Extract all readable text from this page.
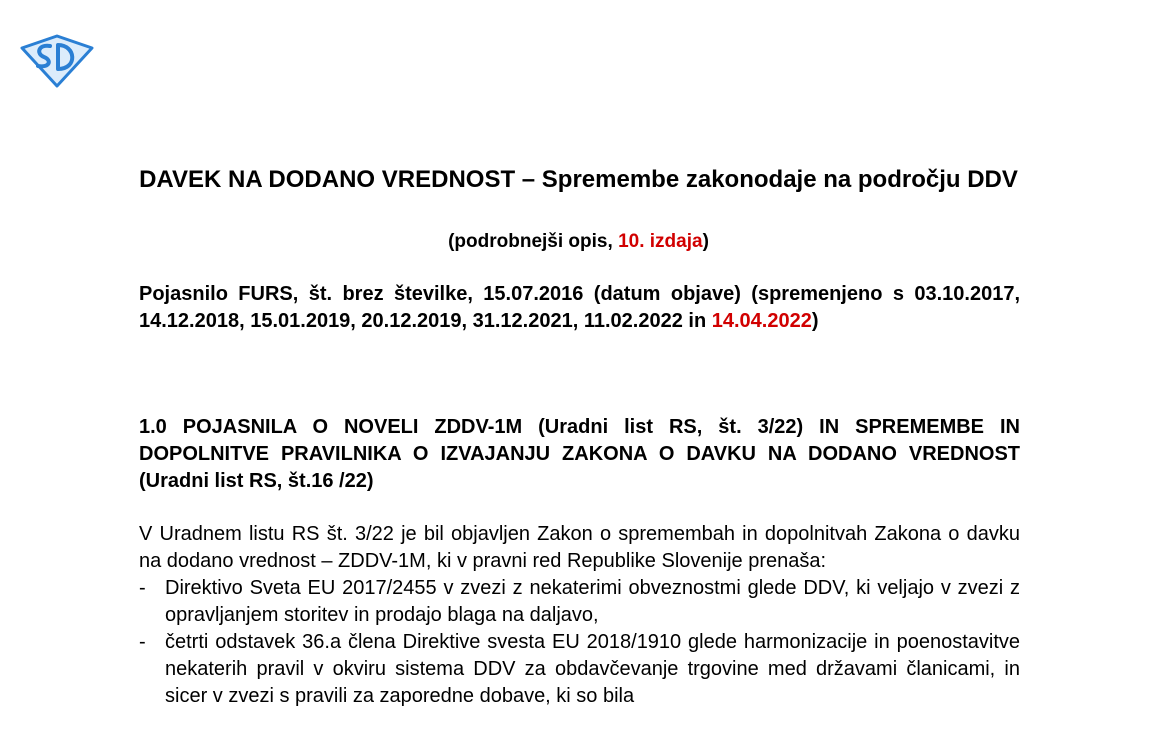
DAVEK NA DODANO VREDNOST – Spremembe zakonodaje na področju DDV
(podrobnejši opis, 10. izdaja)
Pojasnilo FURS, št. brez številke, 15.07.2016 (datum objave) (spremenjeno s 03.10.2017, 14.12.2018, 15.01.2019, 20.12.2019, 31.12.2021, 11.02.2022 in 14.04.2022)
1.0 POJASNILA O NOVELI ZDDV-1M (Uradni list RS, št. 3/22) IN SPREMEMBE IN DOPOLNITVE PRAVILNIKA O IZVAJANJU ZAKONA O DAVKU NA DODANO VREDNOST (Uradni list RS, št.16 /22)
V Uradnem listu RS št. 3/22 je bil objavljen Zakon o spremembah in dopolnitvah Zakona o davku na dodano vrednost – ZDDV-1M, ki v pravni red Republike Slovenije prenaša:
- Direktivo Sveta EU 2017/2455 v zvezi z nekaterimi obveznostmi glede DDV, ki veljajo v zvezi z opravljanjem storitev in prodajo blaga na daljavo,
- četrti odstavek 36.a člena Direktive svesta EU 2018/1910 glede harmonizacije in poenostavitve nekaterih pravil v okviru sistema DDV za obdavčevanje trgovine med državami članicami, in sicer v zvezi s pravili za zaporedne dobave, ki so bila
